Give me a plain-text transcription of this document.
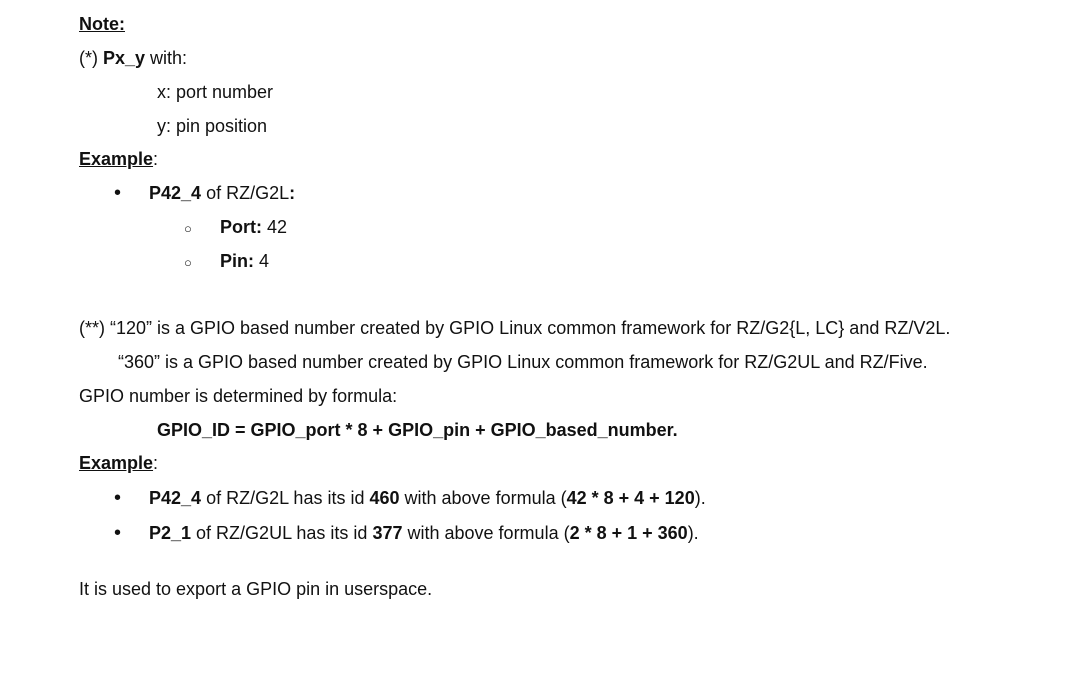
Note:
(*) Px_y with:
x: port number
y: pin position
Example:
•
P42_4 of RZ/G2L:
○
Port: 42
○
Pin: 4
(**) “120” is a GPIO based number created by GPIO Linux common framework for RZ/G2{L, LC} and RZ/V2L.
“360” is a GPIO based number created by GPIO Linux common framework for RZ/G2UL and RZ/Five.
GPIO number is determined by formula:
GPIO_ID = GPIO_port * 8 + GPIO_pin + GPIO_based_number.
Example:
•
P42_4 of RZ/G2L has its id 460 with above formula (42 * 8 + 4 + 120).
•
P2_1 of RZ/G2UL has its id 377 with above formula (2 * 8 + 1 + 360).
It is used to export a GPIO pin in userspace.
